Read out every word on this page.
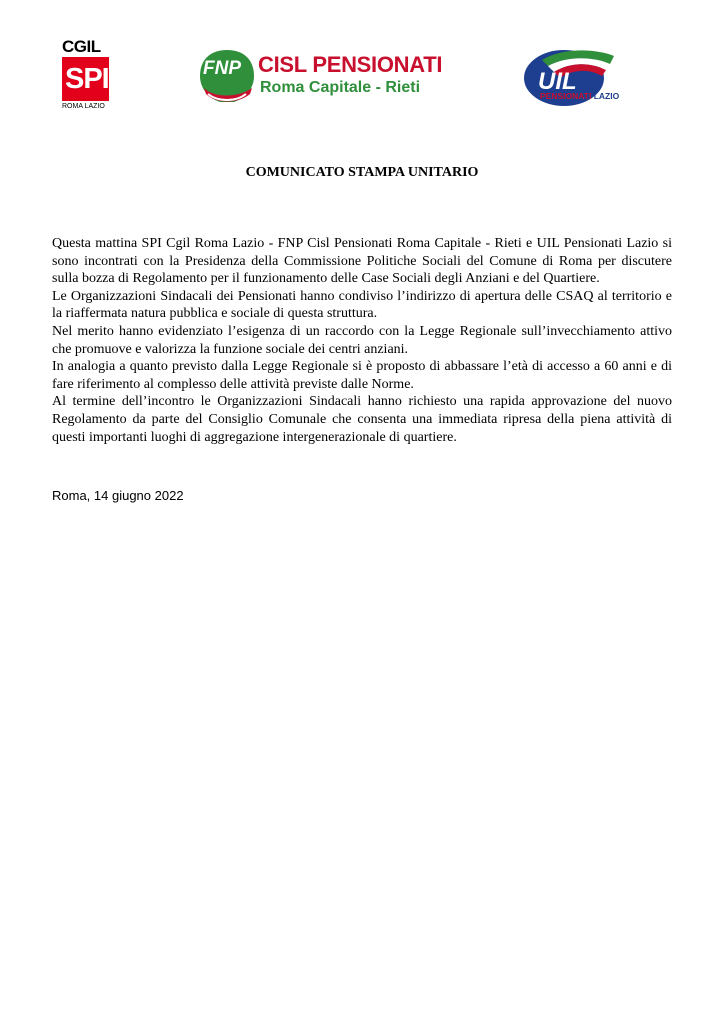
CGIL
SPI
ROMA LAZIO
FNP CISL PENSIONATI
Roma Capitale - Rieti	UIL
PENSIONATI LAZIO
COMUNICATO STAMPA UNITARIO

Questa mattina SPI Cgil Roma Lazio - FNP Cisl Pensionati Roma Capitale - Rieti e UIL Pensionati Lazio si sono incontrati con la Presidenza della Commissione Politiche Sociali del Comune di Roma per discutere sulla bozza di Regolamento per il funzionamento delle Case Sociali degli Anziani e del Quartiere.

Le Organizzazioni Sindacali dei Pensionati hanno condiviso l’indirizzo di apertura delle CSAQ al territorio e la riaffermata natura pubblica e sociale di questa struttura.

Nel merito hanno evidenziato l’esigenza di un raccordo con la Legge Regionale sull’invecchiamento attivo che promuove e valorizza la funzione sociale dei centri anziani.

In analogia a quanto previsto dalla Legge Regionale si è proposto di abbassare l’età di accesso a 60 anni e di fare riferimento al complesso delle attività previste dalle Norme.

Al termine dell’incontro le Organizzazioni Sindacali hanno richiesto una rapida approvazione del nuovo Regolamento da parte del Consiglio Comunale che consenta una immediata ripresa della piena attività di questi importanti luoghi di aggregazione intergenerazionale di quartiere.

Roma, 14 giugno 2022
